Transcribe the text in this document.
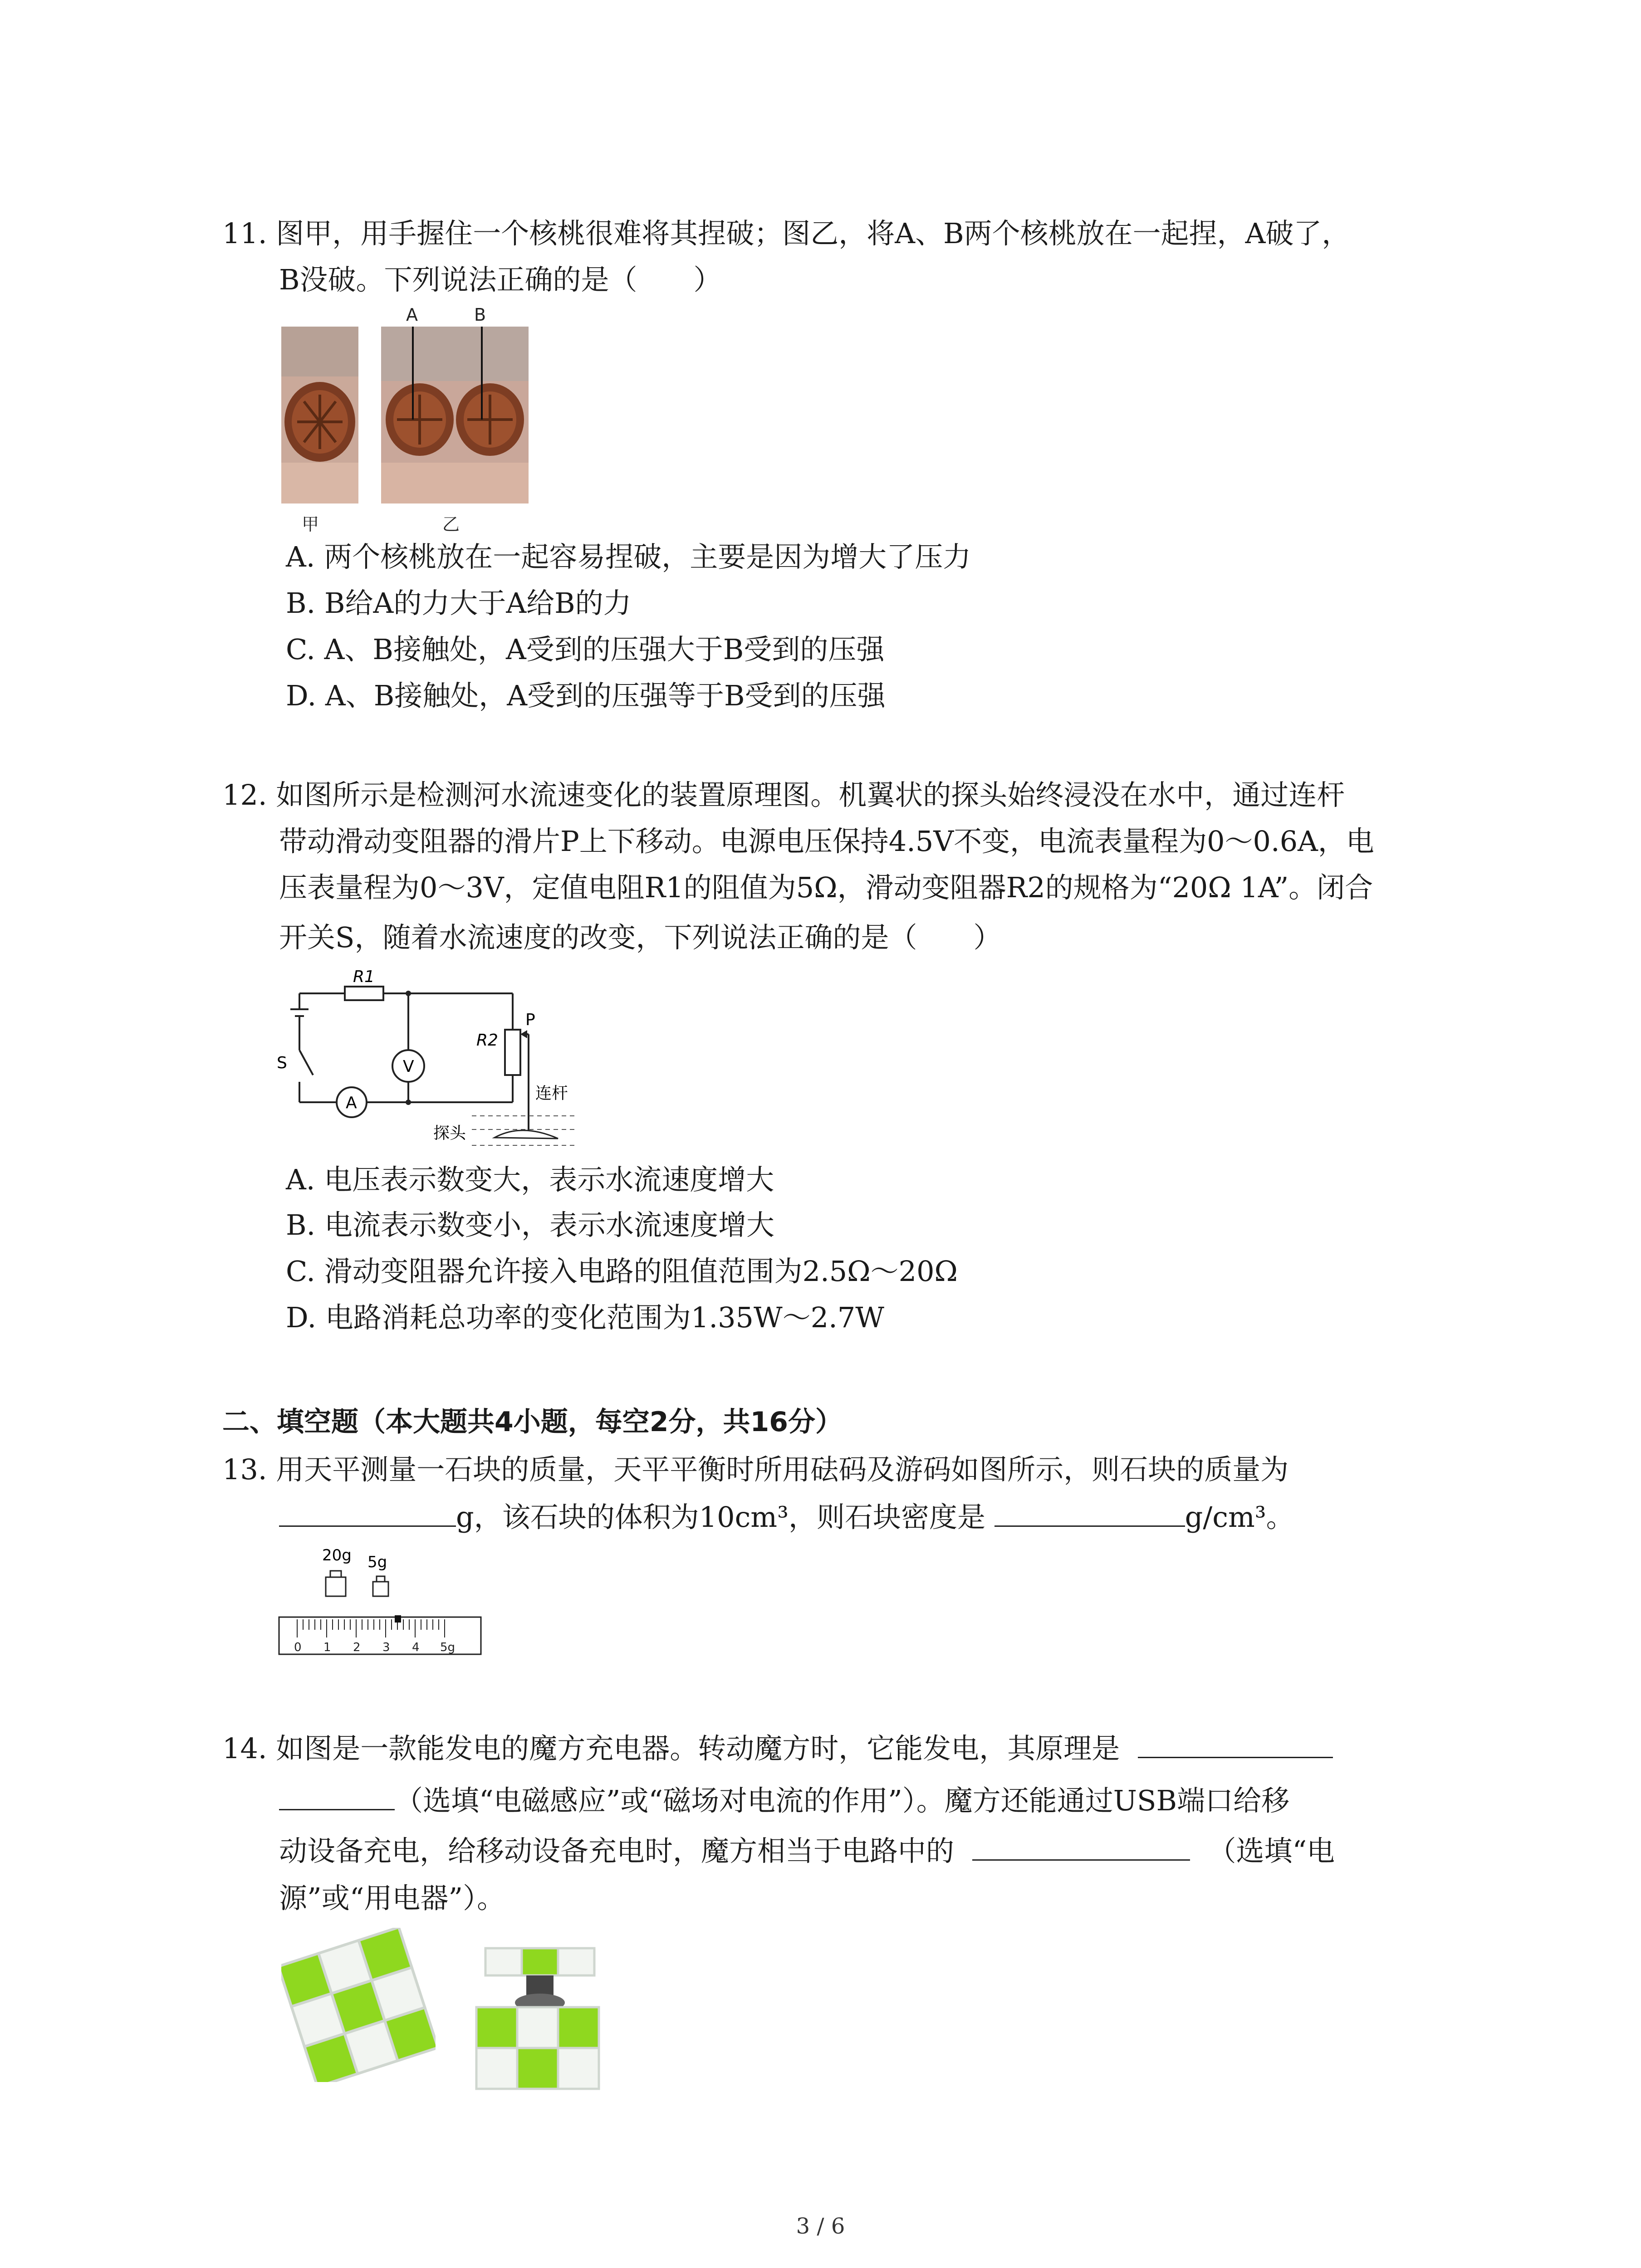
11. 图甲，用手握住一个核桃很难将其捏破；图乙，将A、B两个核桃放在一起捏，A破了，
B没破。下列说法正确的是（　　）
A	B
甲	乙
A. 两个核桃放在一起容易捏破，主要是因为增大了压力
B. B给A的力大于A给B的力
C. A、B接触处，A受到的压强大于B受到的压强
D. A、B接触处，A受到的压强等于B受到的压强
12. 如图所示是检测河水流速变化的装置原理图。机翼状的探头始终浸没在水中，通过连杆
带动滑动变阻器的滑片P上下移动。电源电压保持4.5V不变，电流表量程为0～0.6A，电
压表量程为0～3V，定值电阻R1的阻值为5Ω，滑动变阻器R2的规格为“20Ω 1A”。闭合
开关S，随着水流速度的改变，下列说法正确的是（　　）
R1
R2
P
S	V
A
连杆
探头
A. 电压表示数变大，表示水流速度增大
B. 电流表示数变小，表示水流速度增大
C. 滑动变阻器允许接入电路的阻值范围为2.5Ω～20Ω
D. 电路消耗总功率的变化范围为1.35W～2.7W
二、填空题（本大题共4小题，每空2分，共16分）
13. 用天平测量一石块的质量，天平平衡时所用砝码及游码如图所示，则石块的质量为
g，该石块的体积为10cm³，则石块密度是	g/cm³。
20g 5g
0 1 2 3 4 5g
14. 如图是一款能发电的魔方充电器。转动魔方时，它能发电，其原理是
（选填“电磁感应”或“磁场对电流的作用”）。魔方还能通过USB端口给移
动设备充电，给移动设备充电时，魔方相当于电路中的	（选填“电
源”或“用电器”）。
3 / 6
